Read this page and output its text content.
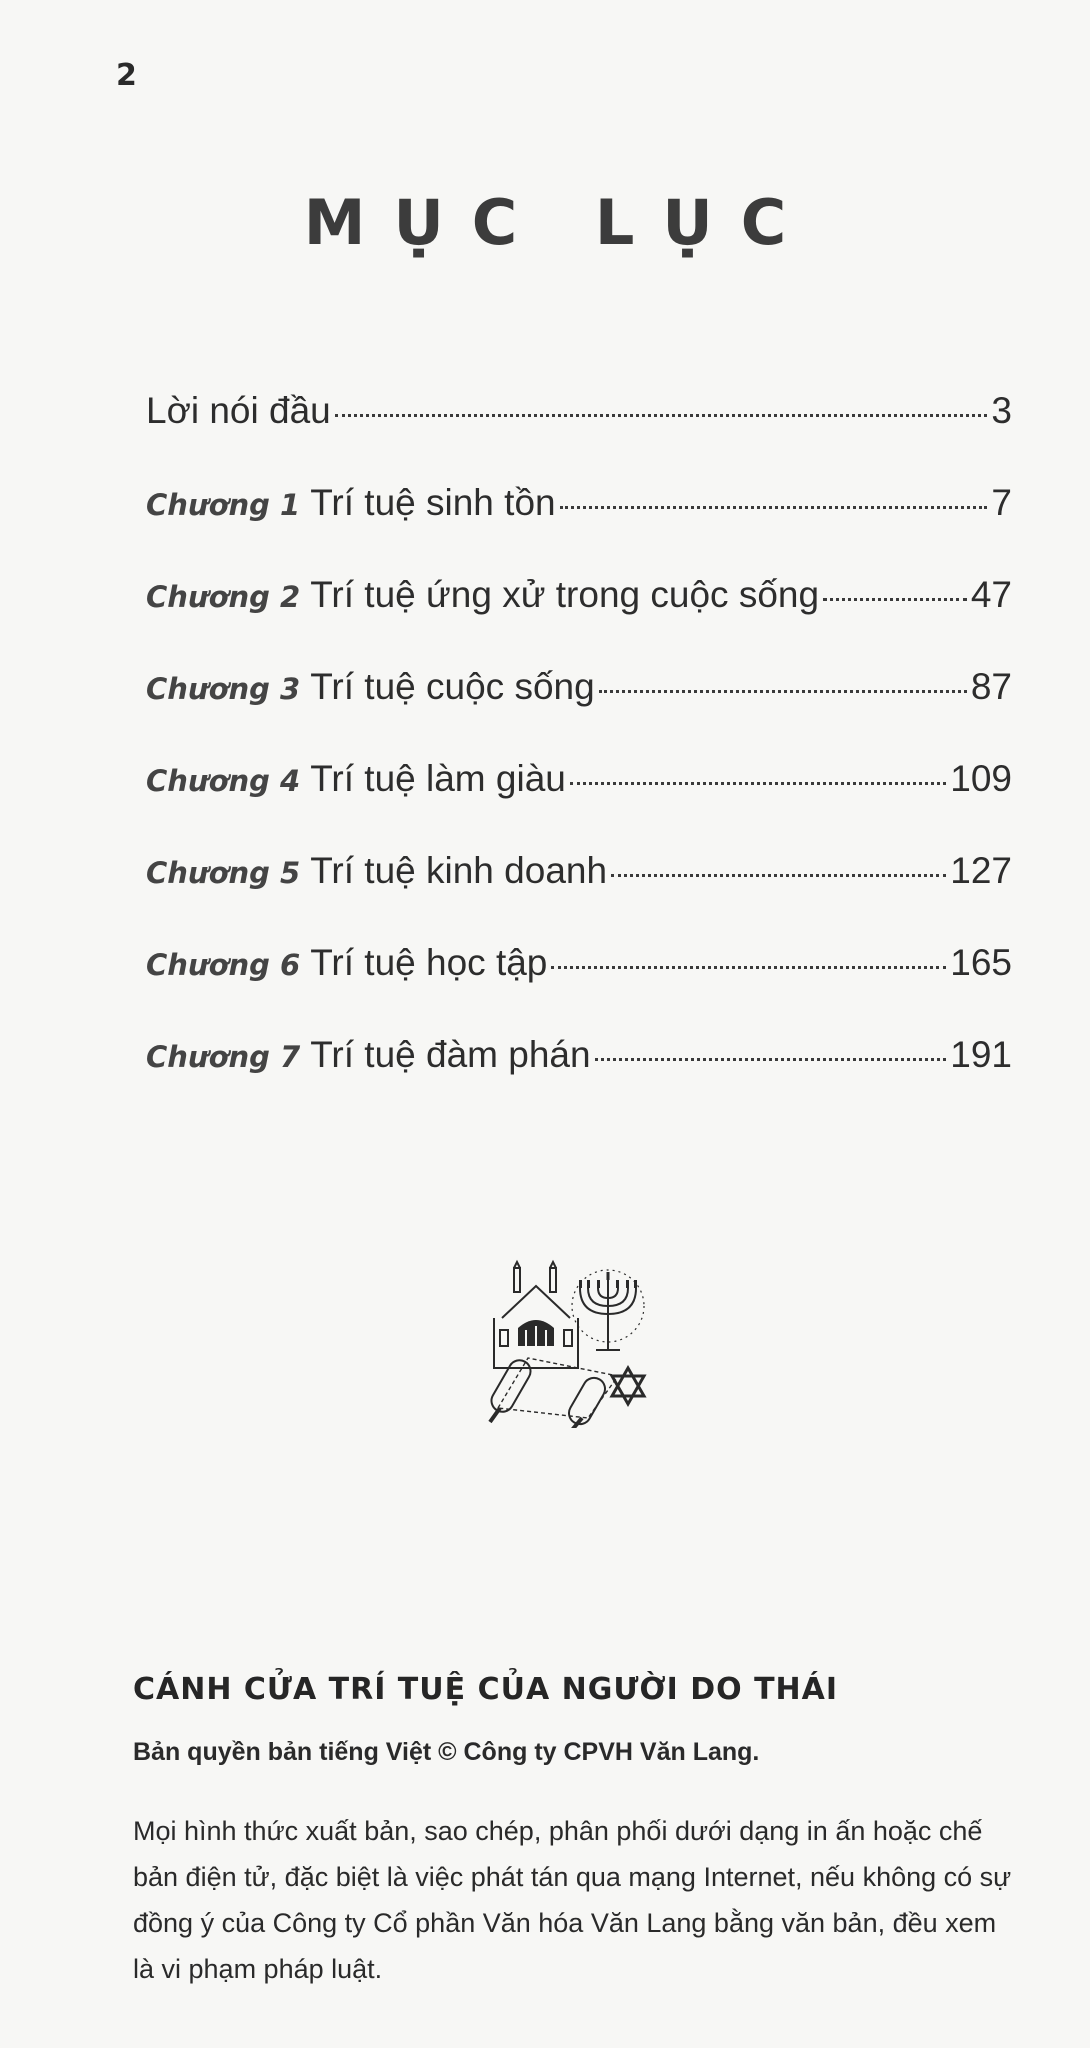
2
MỤC LỤC
Lời nói đầu	3
Chương 1 Trí tuệ sinh tồn	7
Chương 2 Trí tuệ ứng xử trong cuộc sống	47
Chương 3 Trí tuệ cuộc sống	87
Chương 4 Trí tuệ làm giàu	109
Chương 5 Trí tuệ kinh doanh	127
Chương 6 Trí tuệ học tập	165
Chương 7 Trí tuệ đàm phán	191
CÁNH CỬA TRÍ TUỆ CỦA NGƯỜI DO THÁI
Bản quyền bản tiếng Việt © Công ty CPVH Văn Lang.
Mọi hình thức xuất bản, sao chép, phân phối dưới dạng in ấn hoặc chế bản điện tử, đặc biệt là việc phát tán qua mạng Internet, nếu không có sự đồng ý của Công ty Cổ phần Văn hóa Văn Lang bằng văn bản, đều xem là vi phạm pháp luật.
